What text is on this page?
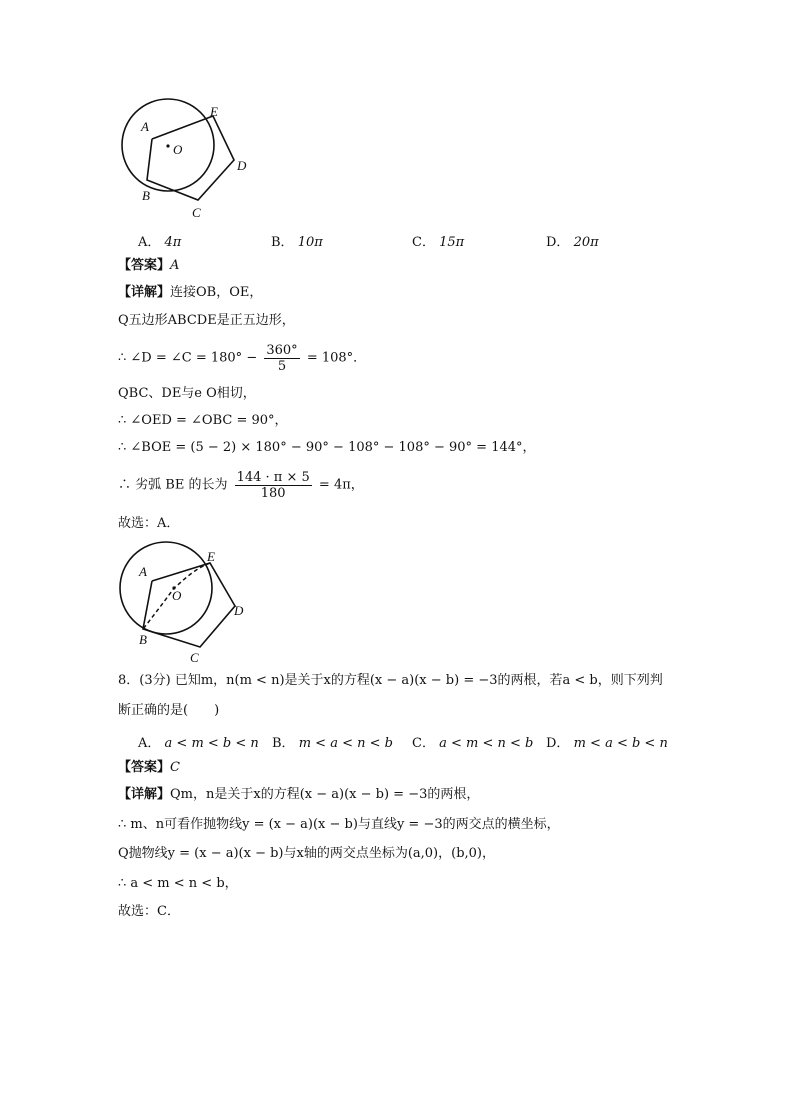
A
E
O
D
B
C
A． 4π	B． 10π	C． 15π	D． 20π
【答案】A
【详解】连接OB，OE，
Q五边形ABCDE是正五边形，
∴ ∠D = ∠C = $180^\circ - \frac{360^\circ}{5} = 108^\circ$．
QBC、DE与e O相切，
∴ ∠OED = ∠OBC = 90°，
∴ ∠BOE = (5 − 2) × 180° − 90° − 108° − 108° − 90° = 144°，
∴ 劣弧 BE 的长为 $\frac{144 \cdot \pi \times 5}{180} = 4\pi$，
故选：A．
A
E
O
D
B
C
8．(3分) 已知m，n(m < n)是关于x的方程(x − a)(x − b) = −3的两根，若a < b，则下列判
断正确的是(　　)
A． a < m < b < n B． m < a < n < b C． a < m < n < b D． m < a < b < n
【答案】C
【详解】Qm，n是关于x的方程(x − a)(x − b) = −3的两根，
∴ m、n可看作抛物线y = (x − a)(x − b)与直线y = −3的两交点的横坐标，
Q抛物线y = (x − a)(x − b)与x轴的两交点坐标为(a,0)，(b,0)，
∴ a < m < n < b，
故选：C．
